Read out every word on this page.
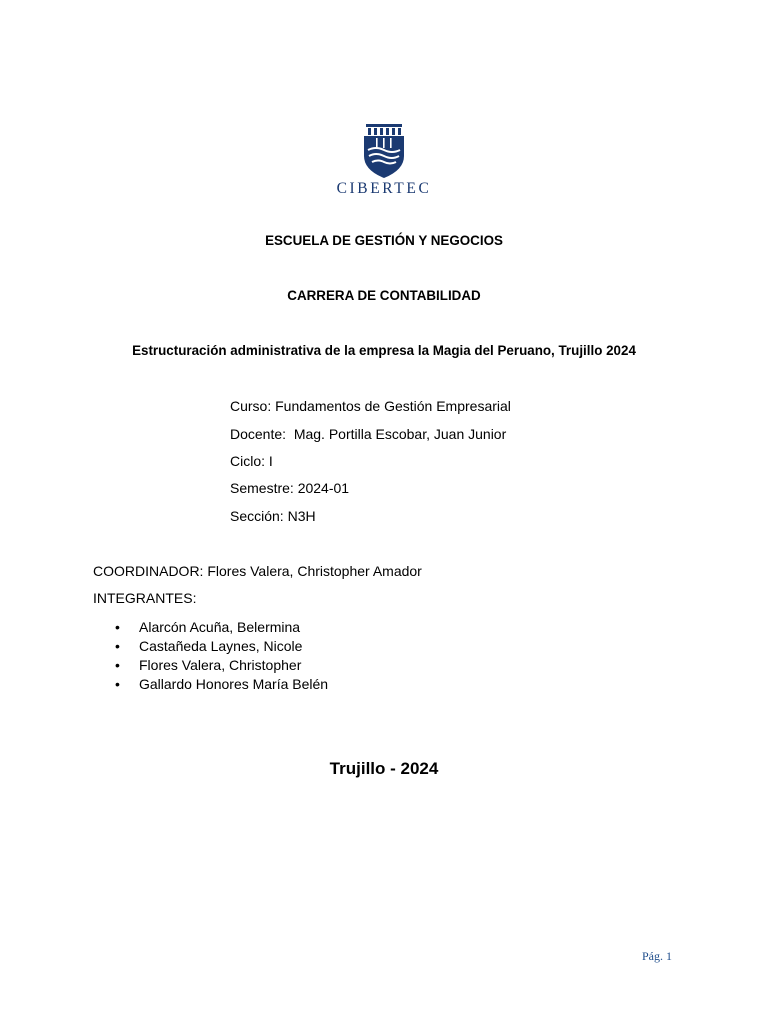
CIBERTEC
ESCUELA DE GESTIÓN Y NEGOCIOS
CARRERA DE CONTABILIDAD
Estructuración administrativa de la empresa la Magia del Peruano, Trujillo 2024
Curso: Fundamentos de Gestión Empresarial
Docente:  Mag. Portilla Escobar, Juan Junior
Ciclo: I
Semestre: 2024-01
Sección: N3H
COORDINADOR: Flores Valera, Christopher Amador
INTEGRANTES:
• Alarcón Acuña, Belermina
• Castañeda Laynes, Nicole
• Flores Valera, Christopher
• Gallardo Honores María Belén
Trujillo - 2024
Pág. 1
